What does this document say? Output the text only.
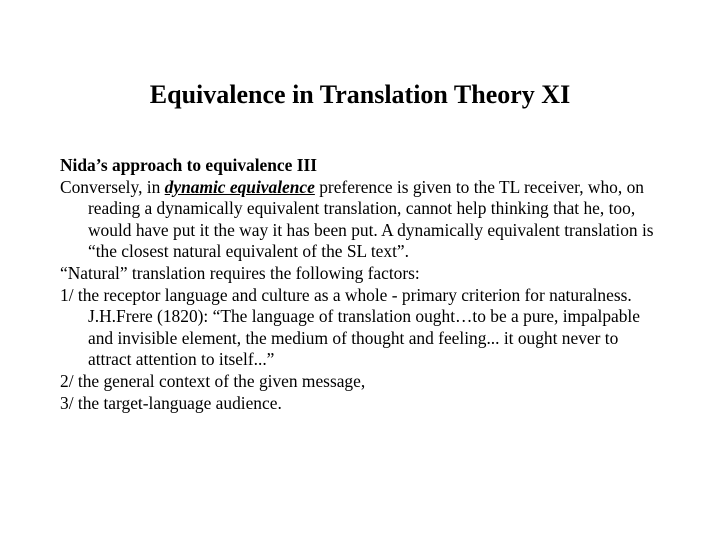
Equivalence in Translation Theory XI

Nida’s approach to equivalence III

Conversely, in dynamic equivalence preference is given to the TL receiver, who, on reading a dynamically equivalent translation, cannot help thinking that he, too, would have put it the way it has been put. A dynamically equivalent translation is “the closest natural equivalent of the SL text”.

“Natural” translation requires the following factors:

1/ the receptor language and culture as a whole - primary criterion for naturalness. J.H.Frere (1820): “The language of translation ought…to be a pure, impalpable and invisible element, the medium of thought and feeling... it ought never to attract attention to itself...”

2/ the general context of the given message,

3/ the target-language audience.
